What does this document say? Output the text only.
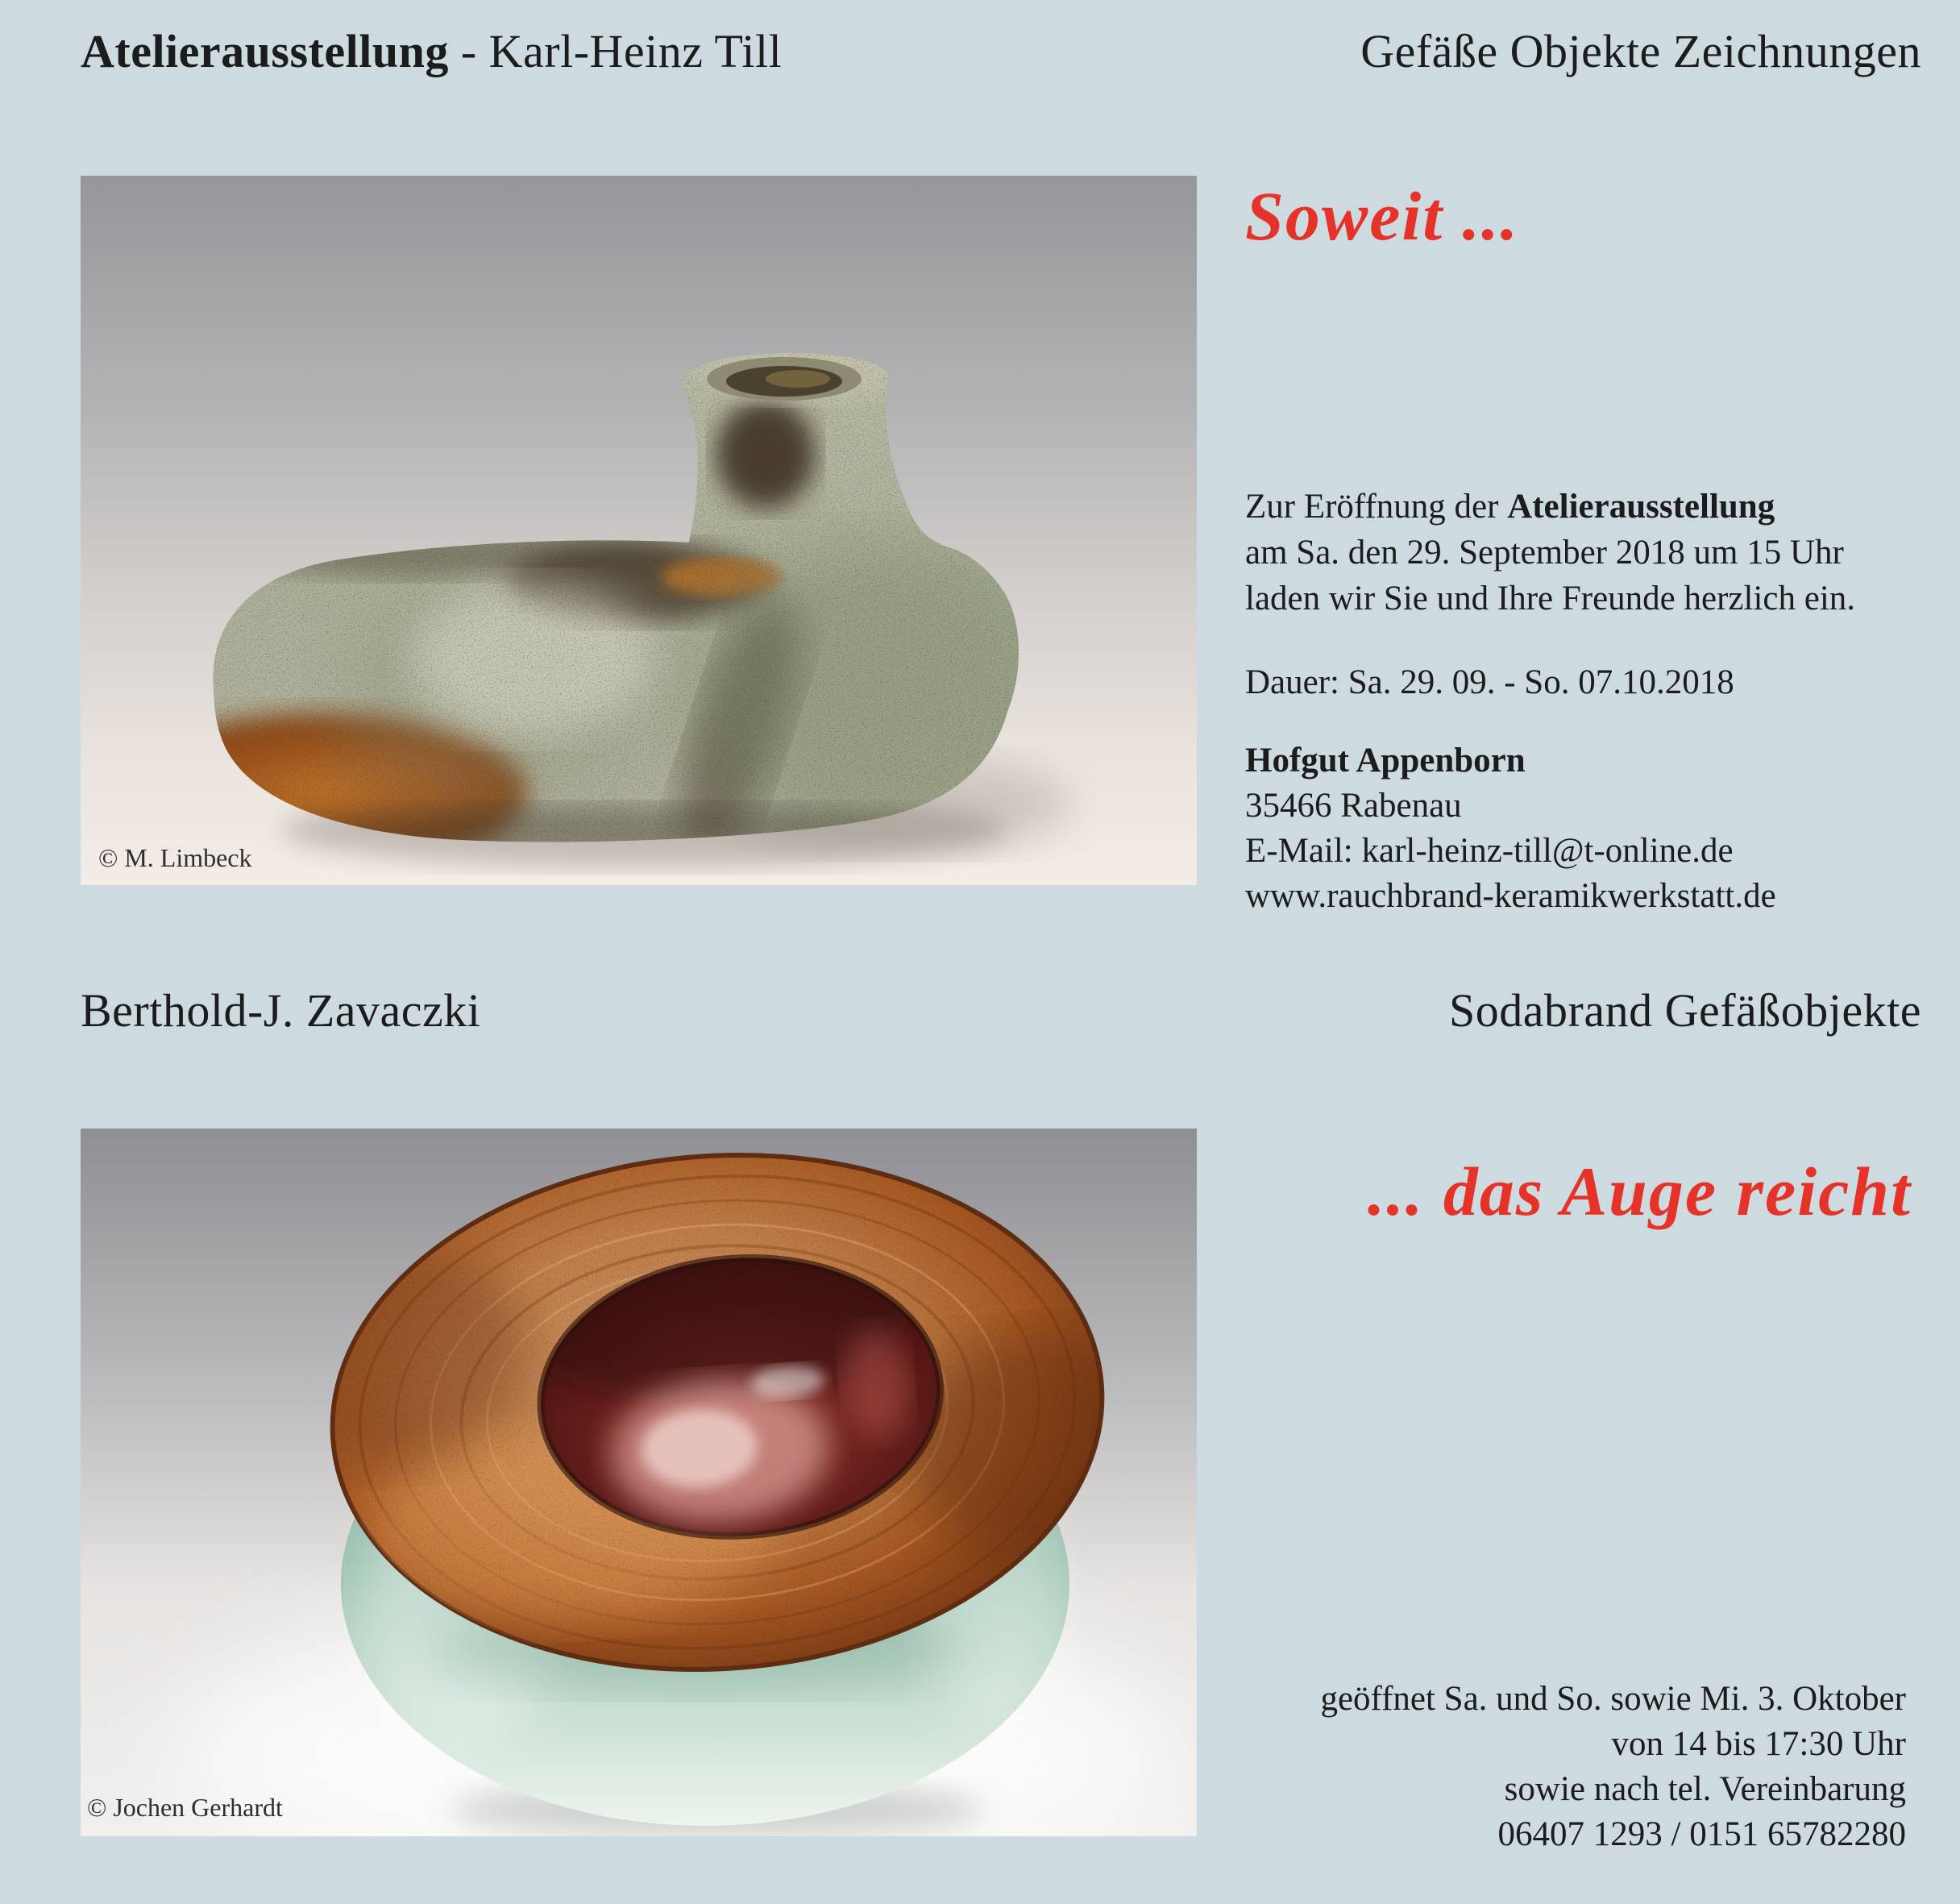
Atelierausstellung - Karl-Heinz Till	Gefäße Objekte Zeichnungen
© M. Limbeck
Soweit ...
Zur Eröffnung der Atelierausstellung
am Sa. den 29. September 2018 um 15 Uhr
laden wir Sie und Ihre Freunde herzlich ein.
Dauer: Sa. 29. 09. - So. 07.10.2018
Hofgut Appenborn
35466 Rabenau
E-Mail: karl-heinz-till@t-online.de
www.rauchbrand-keramikwerkstatt.de
Berthold-J. Zavaczki	Sodabrand Gefäßobjekte
© Jochen Gerhardt
... das Auge reicht
geöffnet Sa. und So. sowie Mi. 3. Oktober
von 14 bis 17:30 Uhr
sowie nach tel. Vereinbarung
06407 1293 / 0151 65782280
